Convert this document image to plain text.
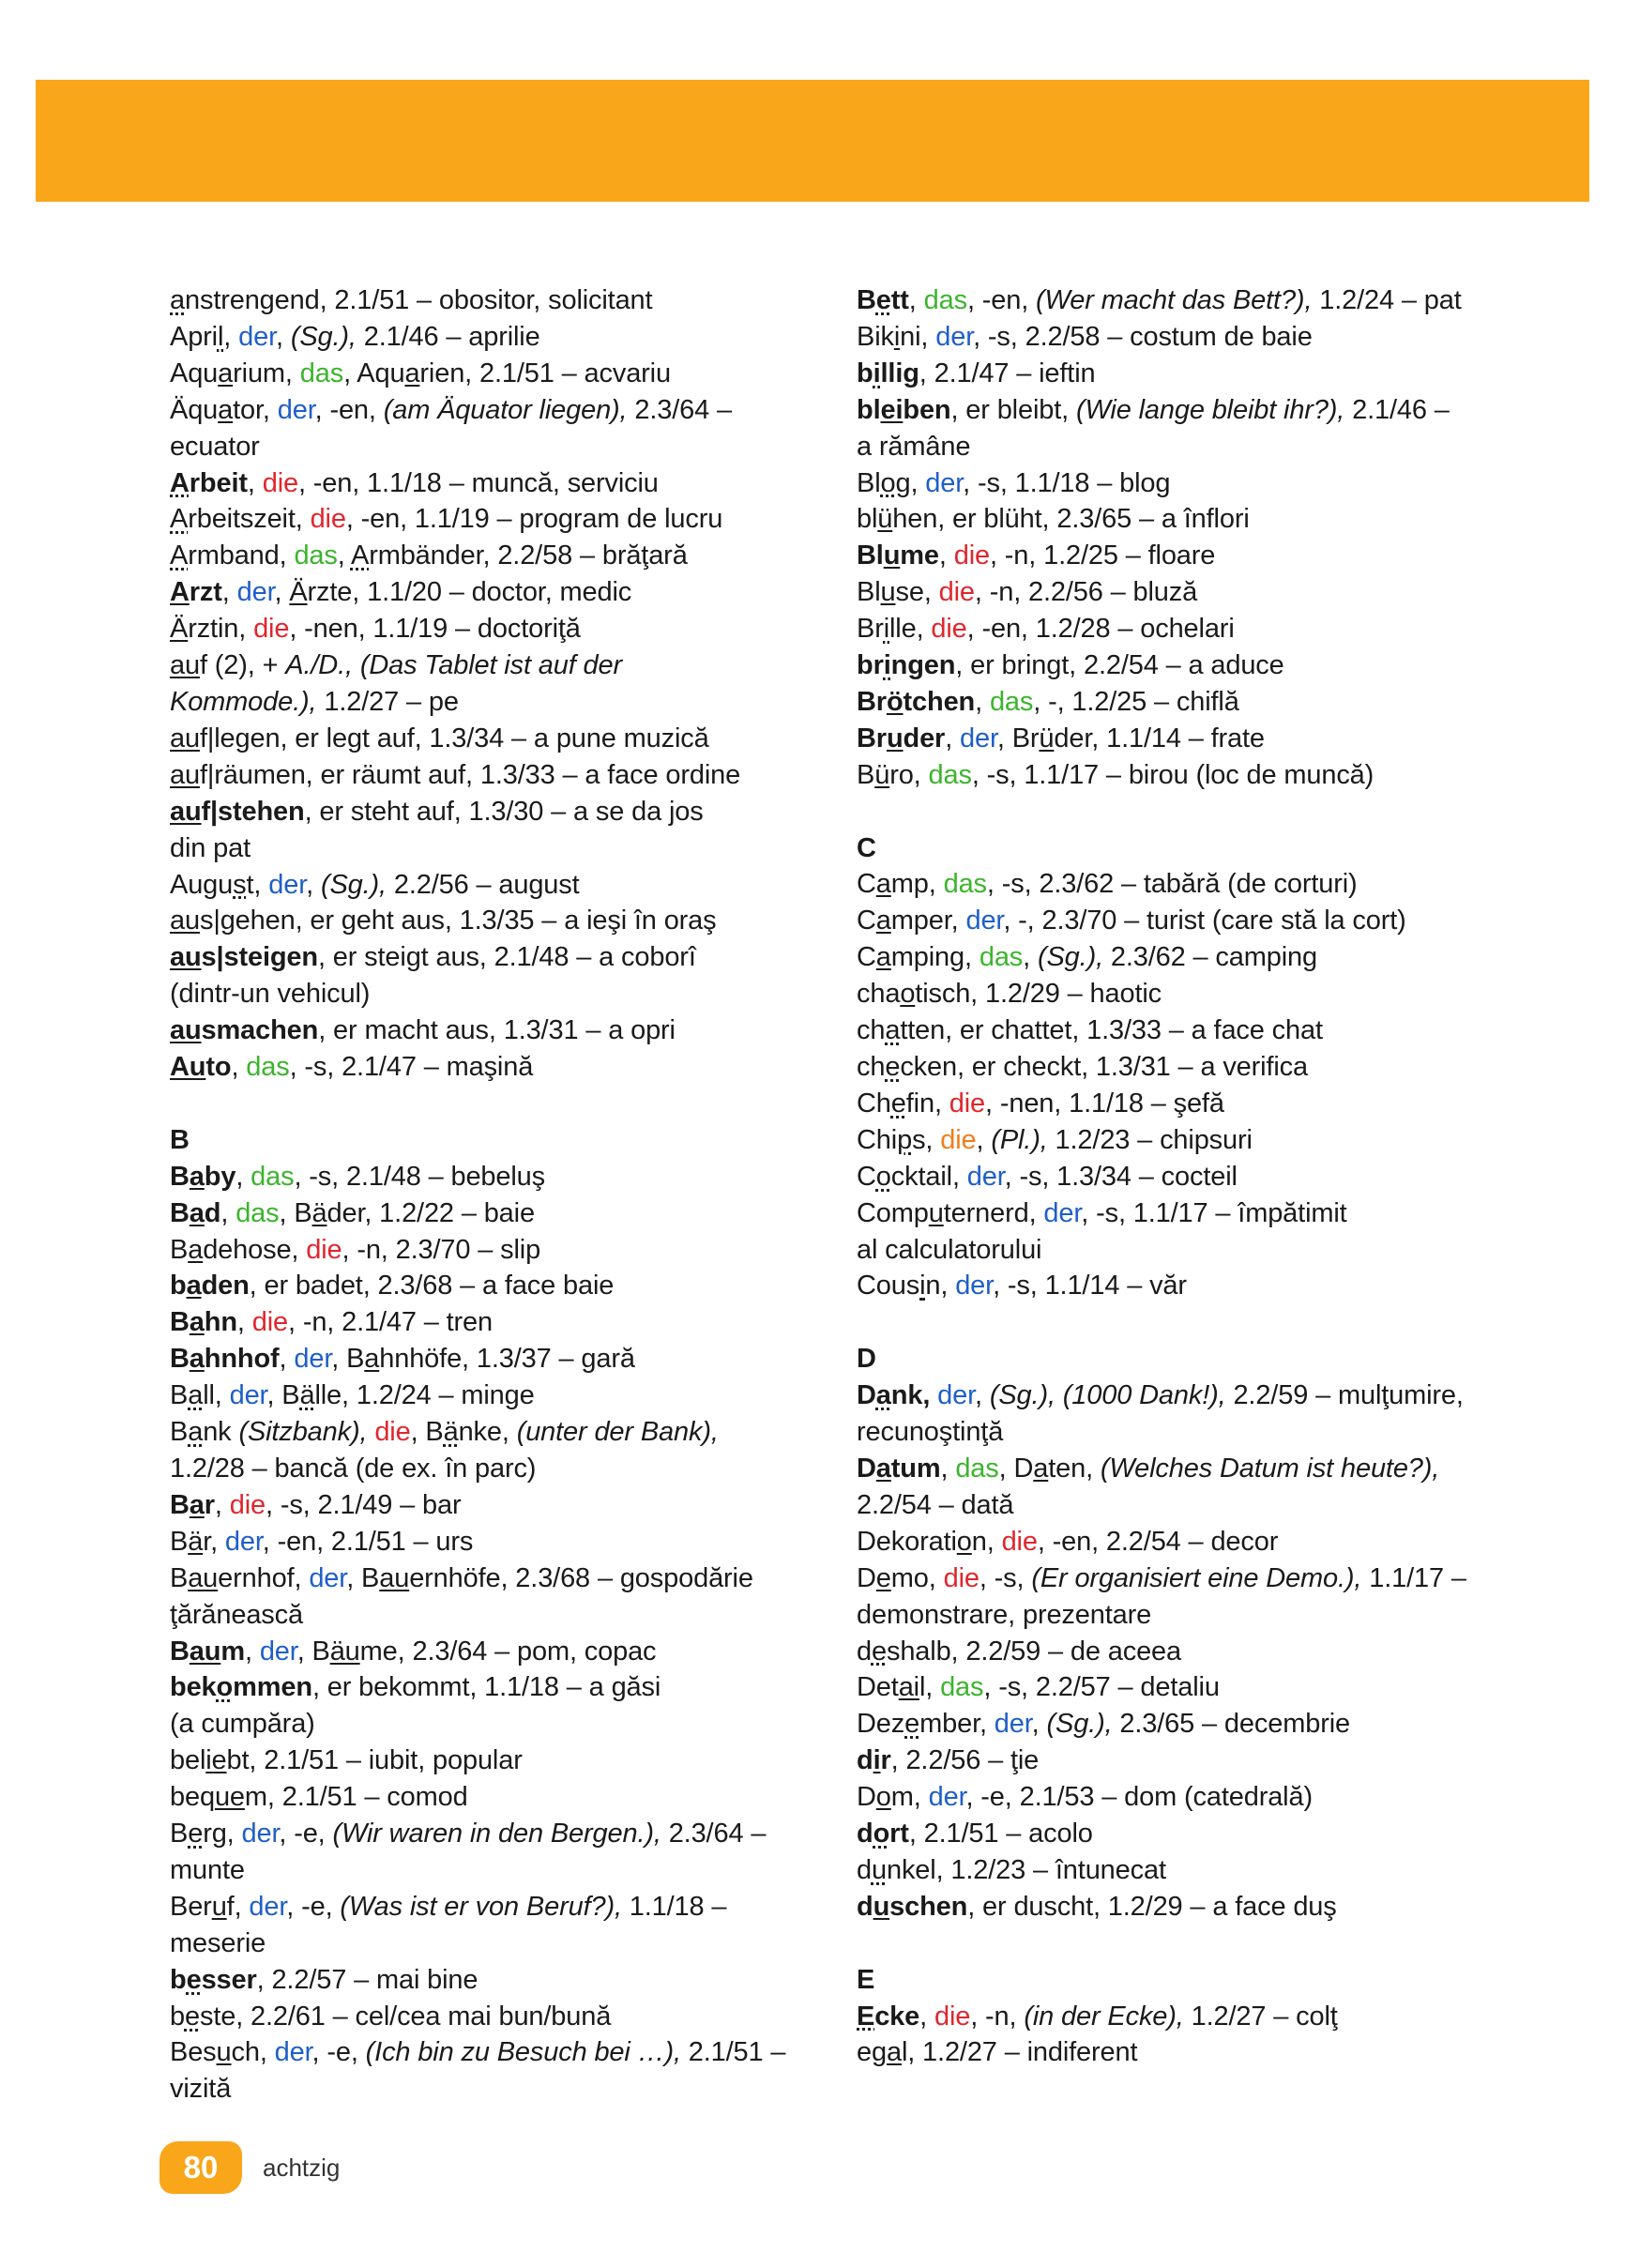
anstrengend, 2.1/51 – obositor, solicitant
April, der, (Sg.), 2.1/46 – aprilie
Aquarium, das, Aquarien, 2.1/51 – acvariu
Äquator, der, -en, (am Äquator liegen), 2.3/64 –
ecuator
Arbeit, die, -en, 1.1/18 – muncă, serviciu
Arbeitszeit, die, -en, 1.1/19 – program de lucru
Armband, das, Armbänder, 2.2/58 – brăţară
Arzt, der, Ärzte, 1.1/20 – doctor, medic
Ärztin, die, -nen, 1.1/19 – doctoriţă
auf (2), + A./D., (Das Tablet ist auf der
Kommode.), 1.2/27 – pe
auf|legen, er legt auf, 1.3/34 – a pune muzică
auf|räumen, er räumt auf, 1.3/33 – a face ordine
auf|stehen, er steht auf, 1.3/30 – a se da jos
din pat
August, der, (Sg.), 2.2/56 – august
aus|gehen, er geht aus, 1.3/35 – a ieşi în oraş
aus|steigen, er steigt aus, 2.1/48 – a coborî
(dintr-un vehicul)
ausmachen, er macht aus, 1.3/31 – a opri
Auto, das, -s, 2.1/47 – maşină
B
Baby, das, -s, 2.1/48 – bebeluş
Bad, das, Bäder, 1.2/22 – baie
Badehose, die, -n, 2.3/70 – slip
baden, er badet, 2.3/68 – a face baie
Bahn, die, -n, 2.1/47 – tren
Bahnhof, der, Bahnhöfe, 1.3/37 – gară
Ball, der, Bälle, 1.2/24 – minge
Bank (Sitzbank), die, Bänke, (unter der Bank),
1.2/28 – bancă (de ex. în parc)
Bar, die, -s, 2.1/49 – bar
Bär, der, -en, 2.1/51 – urs
Bauernhof, der, Bauernhöfe, 2.3/68 – gospodărie
ţărănească
Baum, der, Bäume, 2.3/64 – pom, copac
bekommen, er bekommt, 1.1/18 – a găsi
(a cumpăra)
beliebt, 2.1/51 – iubit, popular
bequem, 2.1/51 – comod
Berg, der, -e, (Wir waren in den Bergen.), 2.3/64 –
munte
Beruf, der, -e, (Was ist er von Beruf?), 1.1/18 –
meserie
besser, 2.2/57 – mai bine
beste, 2.2/61 – cel/cea mai bun/bună
Besuch, der, -e, (Ich bin zu Besuch bei …), 2.1/51 –
vizită
Bett, das, -en, (Wer macht das Bett?), 1.2/24 – pat
Bikini, der, -s, 2.2/58 – costum de baie
billig, 2.1/47 – ieftin
bleiben, er bleibt, (Wie lange bleibt ihr?), 2.1/46 –
a rămâne
Blog, der, -s, 1.1/18 – blog
blühen, er blüht, 2.3/65 – a înflori
Blume, die, -n, 1.2/25 – floare
Bluse, die, -n, 2.2/56 – bluză
Brille, die, -en, 1.2/28 – ochelari
bringen, er bringt, 2.2/54 – a aduce
Brötchen, das, -, 1.2/25 – chiflă
Bruder, der, Brüder, 1.1/14 – frate
Büro, das, -s, 1.1/17 – birou (loc de muncă)
C
Camp, das, -s, 2.3/62 – tabără (de corturi)
Camper, der, -, 2.3/70 – turist (care stă la cort)
Camping, das, (Sg.), 2.3/62 – camping
chaotisch, 1.2/29 – haotic
chatten, er chattet, 1.3/33 – a face chat
checken, er checkt, 1.3/31 – a verifica
Chefin, die, -nen, 1.1/18 – şefă
Chips, die, (Pl.), 1.2/23 – chipsuri
Cocktail, der, -s, 1.3/34 – cocteil
Computernerd, der, -s, 1.1/17 – împătimit
al calculatorului
Cousin, der, -s, 1.1/14 – văr
D
Dank, der, (Sg.), (1000 Dank!), 2.2/59 – mulţumire,
recunoştinţă
Datum, das, Daten, (Welches Datum ist heute?),
2.2/54 – dată
Dekoration, die, -en, 2.2/54 – decor
Demo, die, -s, (Er organisiert eine Demo.), 1.1/17 –
demonstrare, prezentare
deshalb, 2.2/59 – de aceea
Detail, das, -s, 2.2/57 – detaliu
Dezember, der, (Sg.), 2.3/65 – decembrie
dir, 2.2/56 – ţie
Dom, der, -e, 2.1/53 – dom (catedrală)
dort, 2.1/51 – acolo
dunkel, 1.2/23 – întunecat
duschen, er duscht, 1.2/29 – a face duş
E
Ecke, die, -n, (in der Ecke), 1.2/27 – colţ
egal, 1.2/27 – indiferent
80	achtzig
